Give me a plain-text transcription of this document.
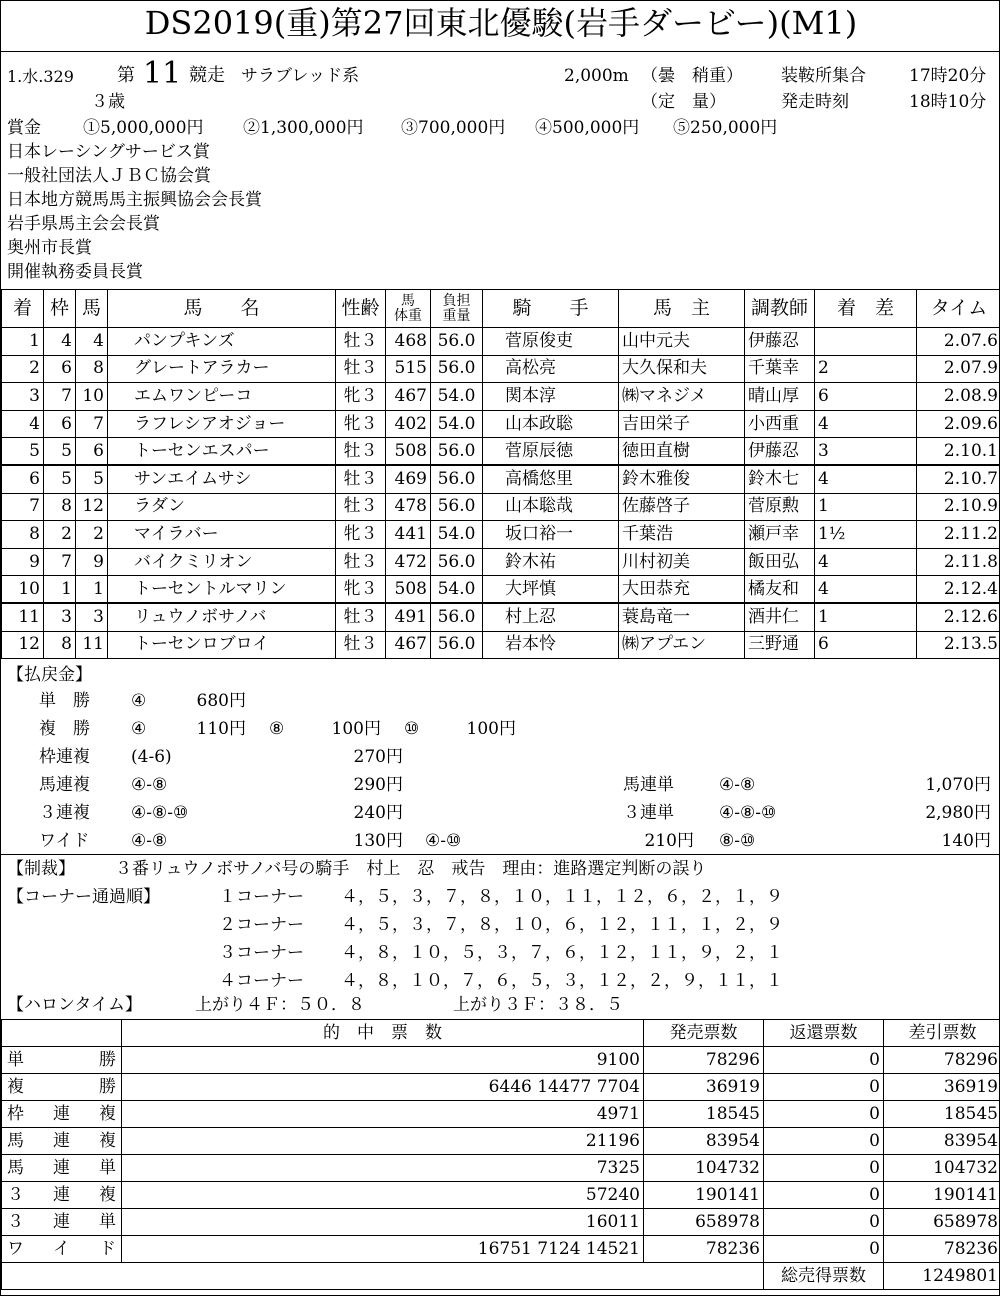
DS2019(重)第27回東北優駿(岩手ダービー)(M1)
1.水.329 第 11 競走 サラブレッド系
３歳
2,000m （曇　稍重）
（定　量）
装鞍所集合	17時20分
発走時刻	18時10分
賞金 ①5,000,000円 ②1,300,000円 ③700,000円 ④500,000円 ⑤250,000円
日本レーシングサービス賞
一般社団法人ＪＢＣ協会賞
日本地方競馬馬主振興協会会長賞
岩手県馬主会会長賞
奥州市長賞
開催執務委員長賞
着	枠	馬	馬　　名	性齢	馬
体重	負担
重量	騎　　手	馬　主	調教師	着　差	タイム
1	4	4	パンプキンズ	牡３	468	56.0	菅原俊吏	山中元夫	伊藤忍		2.07.6
2	6	8	グレートアラカー	牡３	515	56.0	高松亮	大久保和夫	千葉幸	2	2.07.9
3	7	10	エムワンピーコ	牝３	467	54.0	関本淳	㈱マネジメ	晴山厚	6	2.08.9
4	6	7	ラフレシアオジョー	牝３	402	54.0	山本政聡	吉田栄子	小西重	4	2.09.6
5	5	6	トーセンエスパー	牡３	508	56.0	菅原辰徳	徳田直樹	伊藤忍	3	2.10.1
6	5	5	サンエイムサシ	牡３	469	56.0	高橋悠里	鈴木雅俊	鈴木七	4	2.10.7
7	8	12	ラダン	牡３	478	56.0	山本聡哉	佐藤啓子	菅原勲	1	2.10.9
8	2	2	マイラバー	牝３	441	54.0	坂口裕一	千葉浩	瀬戸幸	1½	2.11.2
9	7	9	バイクミリオン	牡３	472	56.0	鈴木祐	川村初美	飯田弘	4	2.11.8
10	1	1	トーセントルマリン	牝３	508	54.0	大坪慎	大田恭充	橘友和	4	2.12.4
11	3	3	リュウノボサノバ	牡３	491	56.0	村上忍	蓑島竜一	酒井仁	1	2.12.6
12	8	11	トーセンロブロイ	牡３	467	56.0	岩本怜	㈱アプエン	三野通	6	2.13.5
【払戻金】
単　勝 ④	680円
複　勝 ④	110円 ⑧	100円 ⑩	100円
枠連複 (4-6)	270円
馬連複 ④-⑧	290円	馬連単	④-⑧	1,070円
３連複 ④-⑧-⑩	240円	３連単	④-⑧-⑩	2,980円
ワイド ④-⑧	130円 ④-⑩	210円 ⑧-⑩	140円
【制裁】 ３番リュウノボサノバ号の騎手　村上　忍　戒告　理由：進路選定判断の誤り
【コーナー通過順】	１コーナー ４，５，３，７，８，１０，１１，１２，６，２，１，９
２コーナー ４，５，３，７，８，１０，６，１２，１１，１，２，９
３コーナー ４，８，１０，５，３，７，６，１２，１１，９，２，１
４コーナー ４，８，１０，７，６，５，３，１２，２，９，１１，１
【ハロンタイム】	上がり４Ｆ：５０．８	上がり３Ｆ：３８．５
	的　中　票　数	発売票数	返還票数	差引票数

単 勝	9100	78296	0	78296

複 勝	6446 14477 7704	36919	0	36919

枠 連 複	4971	18545	0	18545

馬 連 複	21196	83954	0	83954

馬 連 単	7325	104732	0	104732

３ 連 複	57240	190141	0	190141

３ 連 単	16011	658978	0	658978

ワ イ ド	16751 7124 14521	78236	0	78236
			総売得票数	1249801
